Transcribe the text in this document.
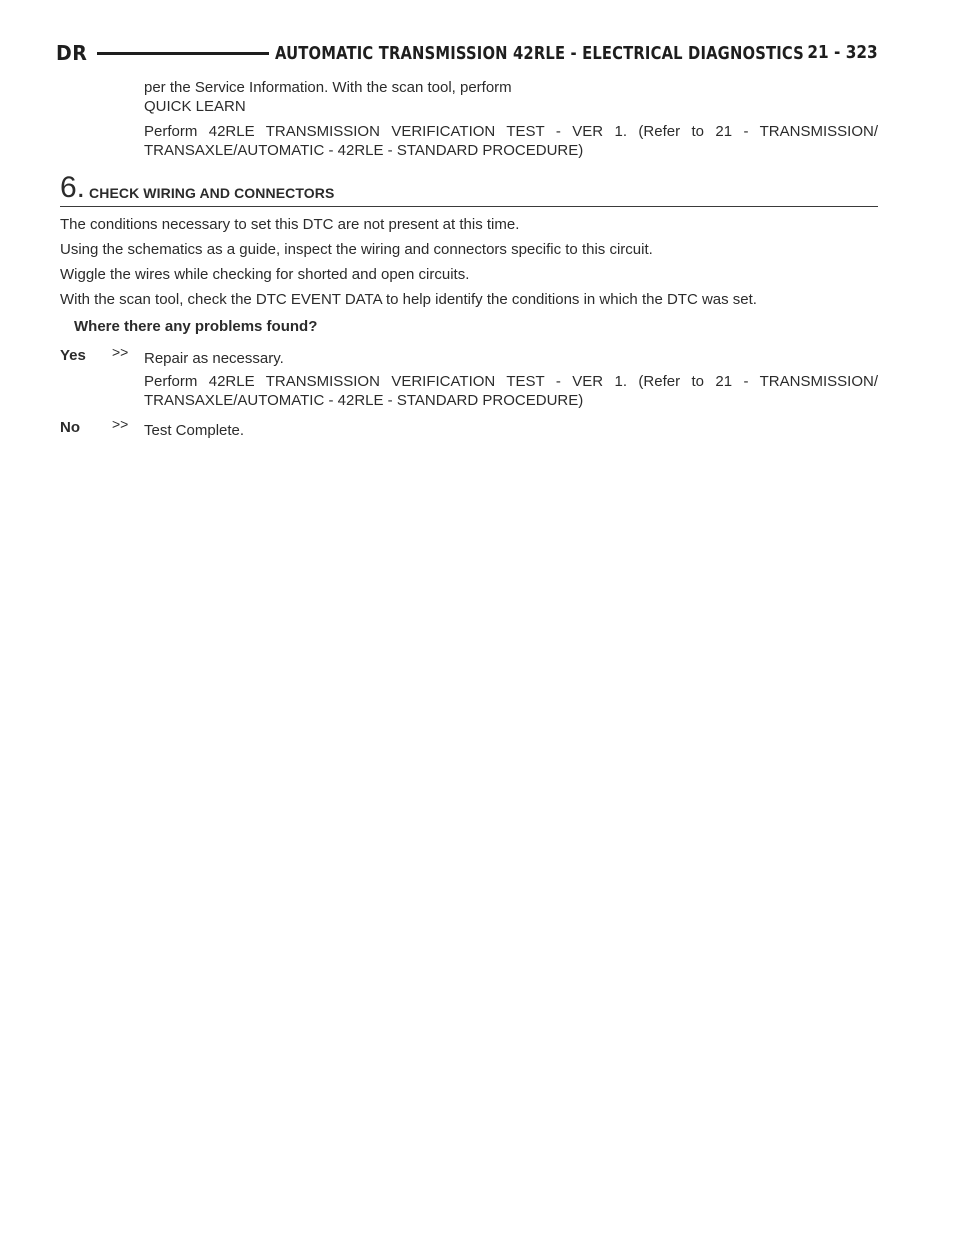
DR	AUTOMATIC TRANSMISSION 42RLE - ELECTRICAL DIAGNOSTICS 21 - 323

per the Service Information. With the scan tool, perform
QUICK LEARN

Perform 42RLE TRANSMISSION VERIFICATION TEST - VER 1. (Refer to 21 - TRANSMISSION/
TRANSAXLE/AUTOMATIC - 42RLE - STANDARD PROCEDURE)

6. CHECK WIRING AND CONNECTORS

The conditions necessary to set this DTC are not present at this time.

Using the schematics as a guide, inspect the wiring and connectors specific to this circuit.

Wiggle the wires while checking for shorted and open circuits.

With the scan tool, check the DTC EVENT DATA to help identify the conditions in which the DTC was set.

Where there any problems found?

Yes >> Repair as necessary.

Perform 42RLE TRANSMISSION VERIFICATION TEST - VER 1. (Refer to 21 - TRANSMISSION/
TRANSAXLE/AUTOMATIC - 42RLE - STANDARD PROCEDURE)

No >> Test Complete.
